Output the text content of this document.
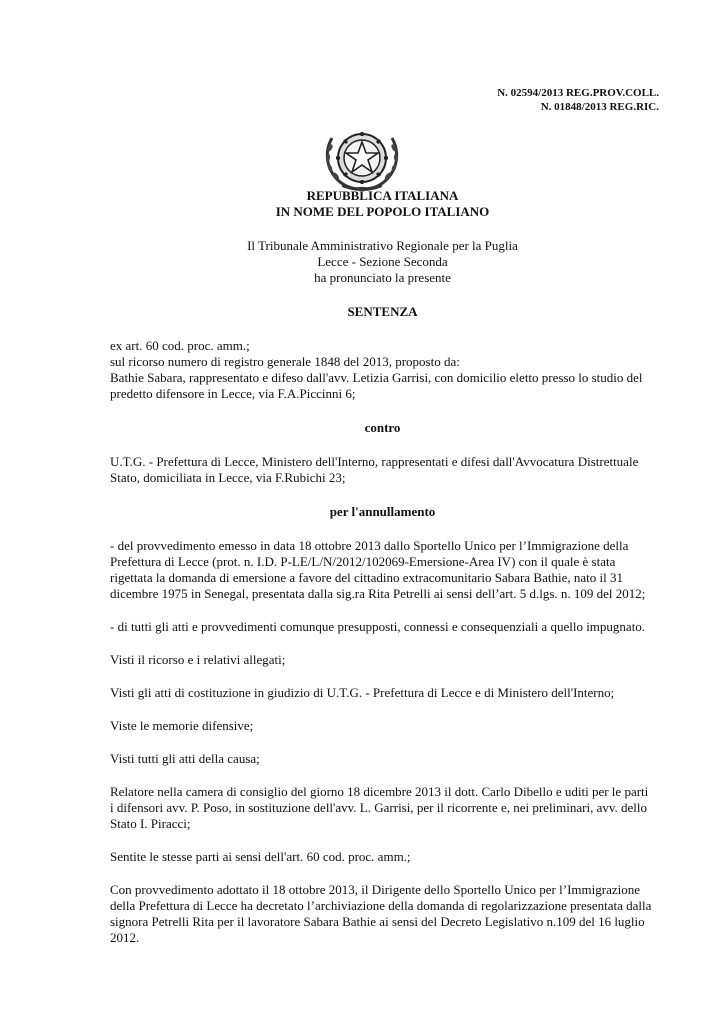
N. 02594/2013 REG.PROV.COLL.
N. 01848/2013 REG.RIC.
REPUBBLICA ITALIANA
IN NOME DEL POPOLO ITALIANO
Il Tribunale Amministrativo Regionale per la Puglia
Lecce - Sezione Seconda
ha pronunciato la presente
SENTENZA
ex art. 60 cod. proc. amm.;
sul ricorso numero di registro generale 1848 del 2013, proposto da:
Bathie Sabara, rappresentato e difeso dall'avv. Letizia Garrisi, con domicilio eletto presso lo studio del predetto difensore in Lecce, via F.A.Piccinni 6;
contro

U.T.G. - Prefettura di Lecce, Ministero dell'Interno, rappresentati e difesi dall'Avvocatura Distrettuale Stato, domiciliata in Lecce, via F.Rubichi 23;

per l'annullamento

- del provvedimento emesso in data 18 ottobre 2013 dallo Sportello Unico per l’Immigrazione della Prefettura di Lecce (prot. n. I.D. P-LE/L/N/2012/102069-Emersione-Area IV) con il quale è stata rigettata la domanda di emersione a favore del cittadino extracomunitario Sabara Bathie, nato il 31 dicembre 1975 in Senegal, presentata dalla sig.ra Rita Petrelli ai sensi dell’art. 5 d.lgs. n. 109 del 2012;

- di tutti gli atti e provvedimenti comunque presupposti, connessi e consequenziali a quello impugnato.

Visti il ricorso e i relativi allegati;

Visti gli atti di costituzione in giudizio di U.T.G. - Prefettura di Lecce e di Ministero dell'Interno;

Viste le memorie difensive;

Visti tutti gli atti della causa;

Relatore nella camera di consiglio del giorno 18 dicembre 2013 il dott. Carlo Dibello e uditi per le parti i difensori avv. P. Poso, in sostituzione dell'avv. L. Garrisi, per il ricorrente e, nei preliminari, avv. dello Stato I. Piracci;

Sentite le stesse parti ai sensi dell'art. 60 cod. proc. amm.;

Con provvedimento adottato il 18 ottobre 2013, il Dirigente dello Sportello Unico per l’Immigrazione della Prefettura di Lecce ha decretato l’archiviazione della domanda di regolarizzazione presentata dalla signora Petrelli Rita per il lavoratore Sabara Bathie ai sensi del Decreto Legislativo n.109 del 16 luglio 2012.
